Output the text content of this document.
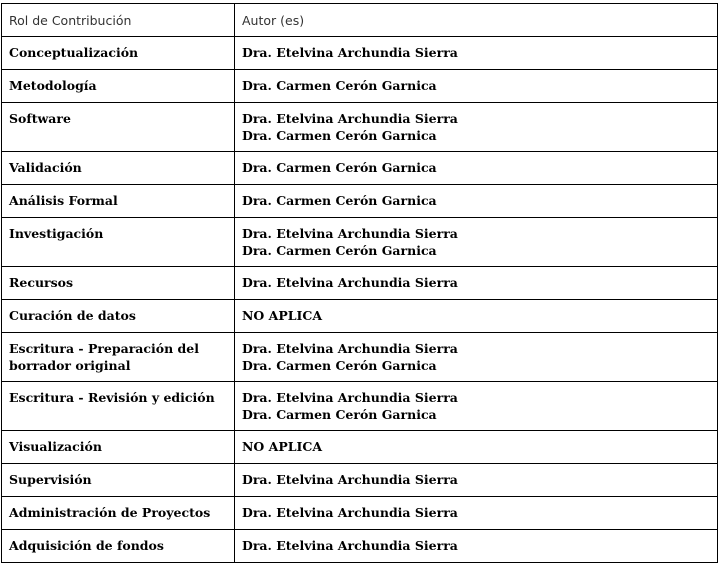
Rol de Contribución	Autor (es)

Conceptualización	Dra. Etelvina Archundia Sierra

Metodología	Dra. Carmen Cerón Garnica

Software	Dra. Etelvina Archundia Sierra
Dra. Carmen Cerón Garnica

Validación	Dra. Carmen Cerón Garnica

Análisis Formal	Dra. Carmen Cerón Garnica

Investigación	Dra. Etelvina Archundia Sierra
Dra. Carmen Cerón Garnica

Recursos	Dra. Etelvina Archundia Sierra

Curación de datos	NO APLICA

Escritura - Preparación del
borrador original	Dra. Etelvina Archundia Sierra
Dra. Carmen Cerón Garnica

Escritura - Revisión y edición	Dra. Etelvina Archundia Sierra
Dra. Carmen Cerón Garnica

Visualización	NO APLICA

Supervisión	Dra. Etelvina Archundia Sierra

Administración de Proyectos	Dra. Etelvina Archundia Sierra

Adquisición de fondos	Dra. Etelvina Archundia Sierra
